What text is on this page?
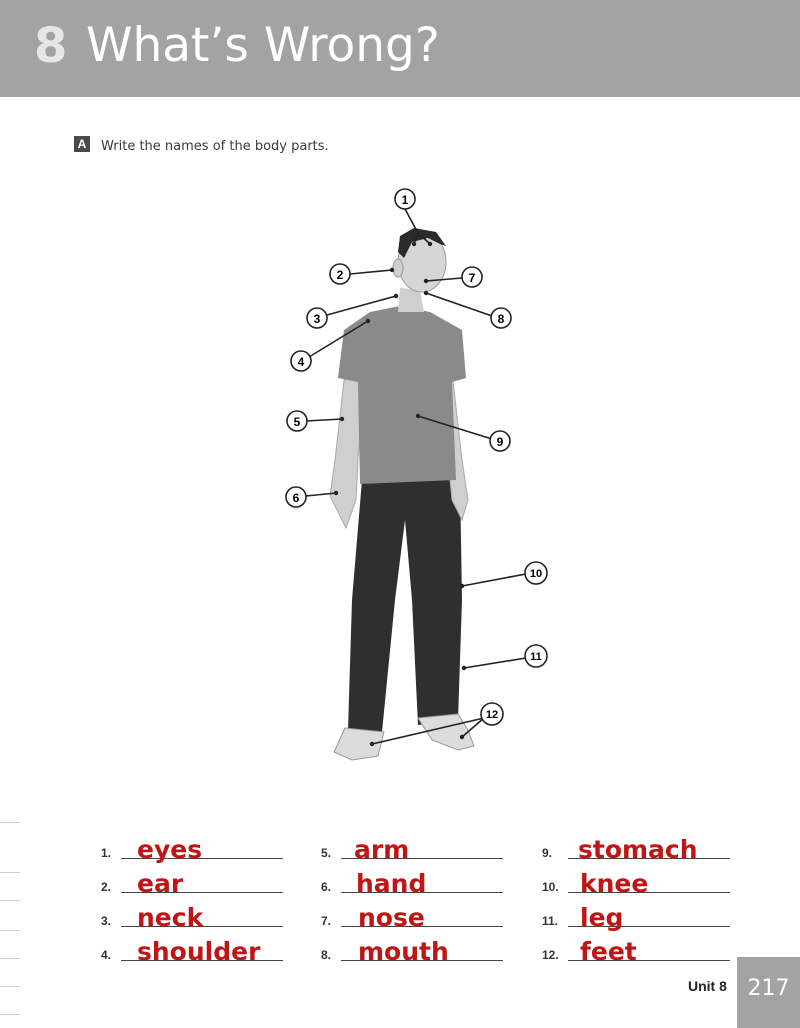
8 What’s Wrong?
A Write the names of the body parts.
1
2
3
4
5
6
7
8
9
10
11
12
1. eyes
2. ear
3. neck
4. shoulder
5. arm
6. hand
7. nose
8. mouth
9. stomach
10. knee
11. leg
12. feet
Unit 8 217
